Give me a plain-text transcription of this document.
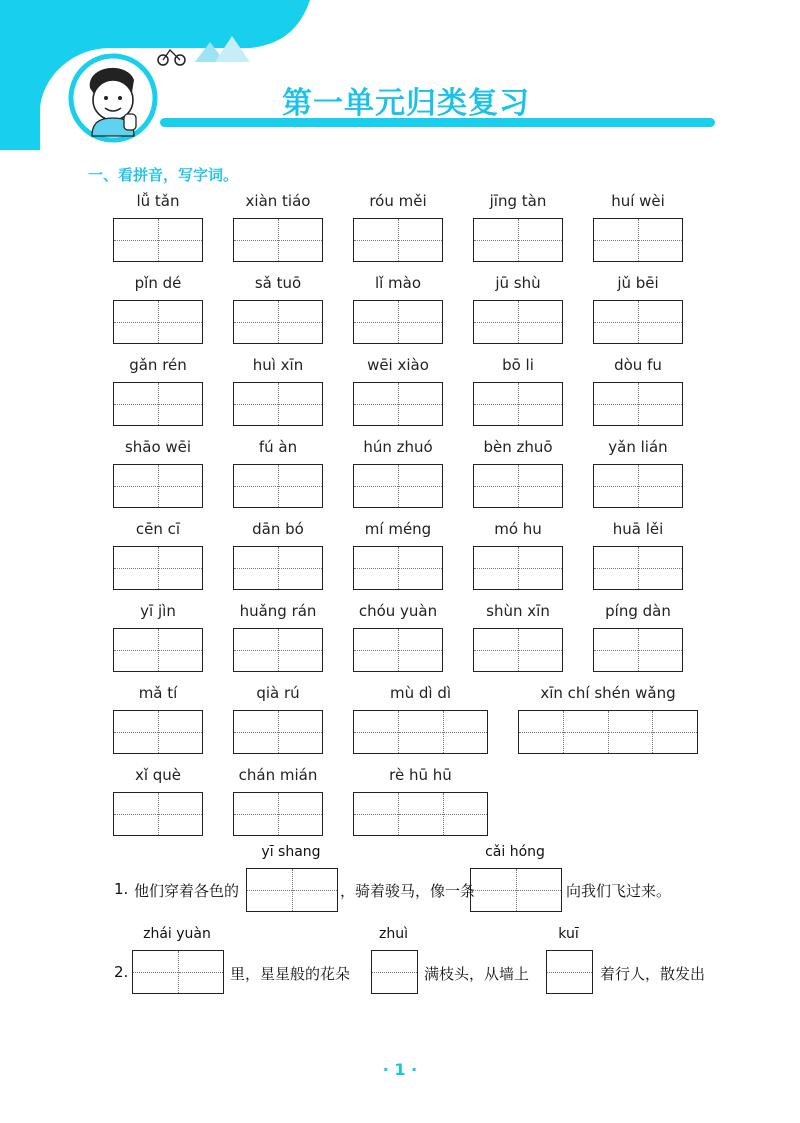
第一单元归类复习
一、看拼音，写字词。
lǚ tǎn	xiàn tiáo	róu měi	jīng tàn	huí wèi
pǐn dé	sǎ tuō	lǐ mào	jū shù	jǔ bēi
gǎn rén	huì xīn	wēi xiào	bō li	dòu fu
shāo wēi	fú àn	hún zhuó	bèn zhuō	yǎn lián
cēn cī	dān bó	mí méng	mó hu	huā lěi
yī jìn	huǎng rán	chóu yuàn	shùn xīn	píng dàn
mǎ tí	qià rú	mù dì dì	xīn chí shén wǎng
xǐ què	chán mián	rè hū hū
1. 他们穿着各色的
yī shang
，骑着骏马，像一条
cǎi hóng
向我们飞过来。
2.
zhái yuàn
里，星星般的花朵
zhuì
满枝头，从墙上
kuī
着行人，散发出
· 1 ·
